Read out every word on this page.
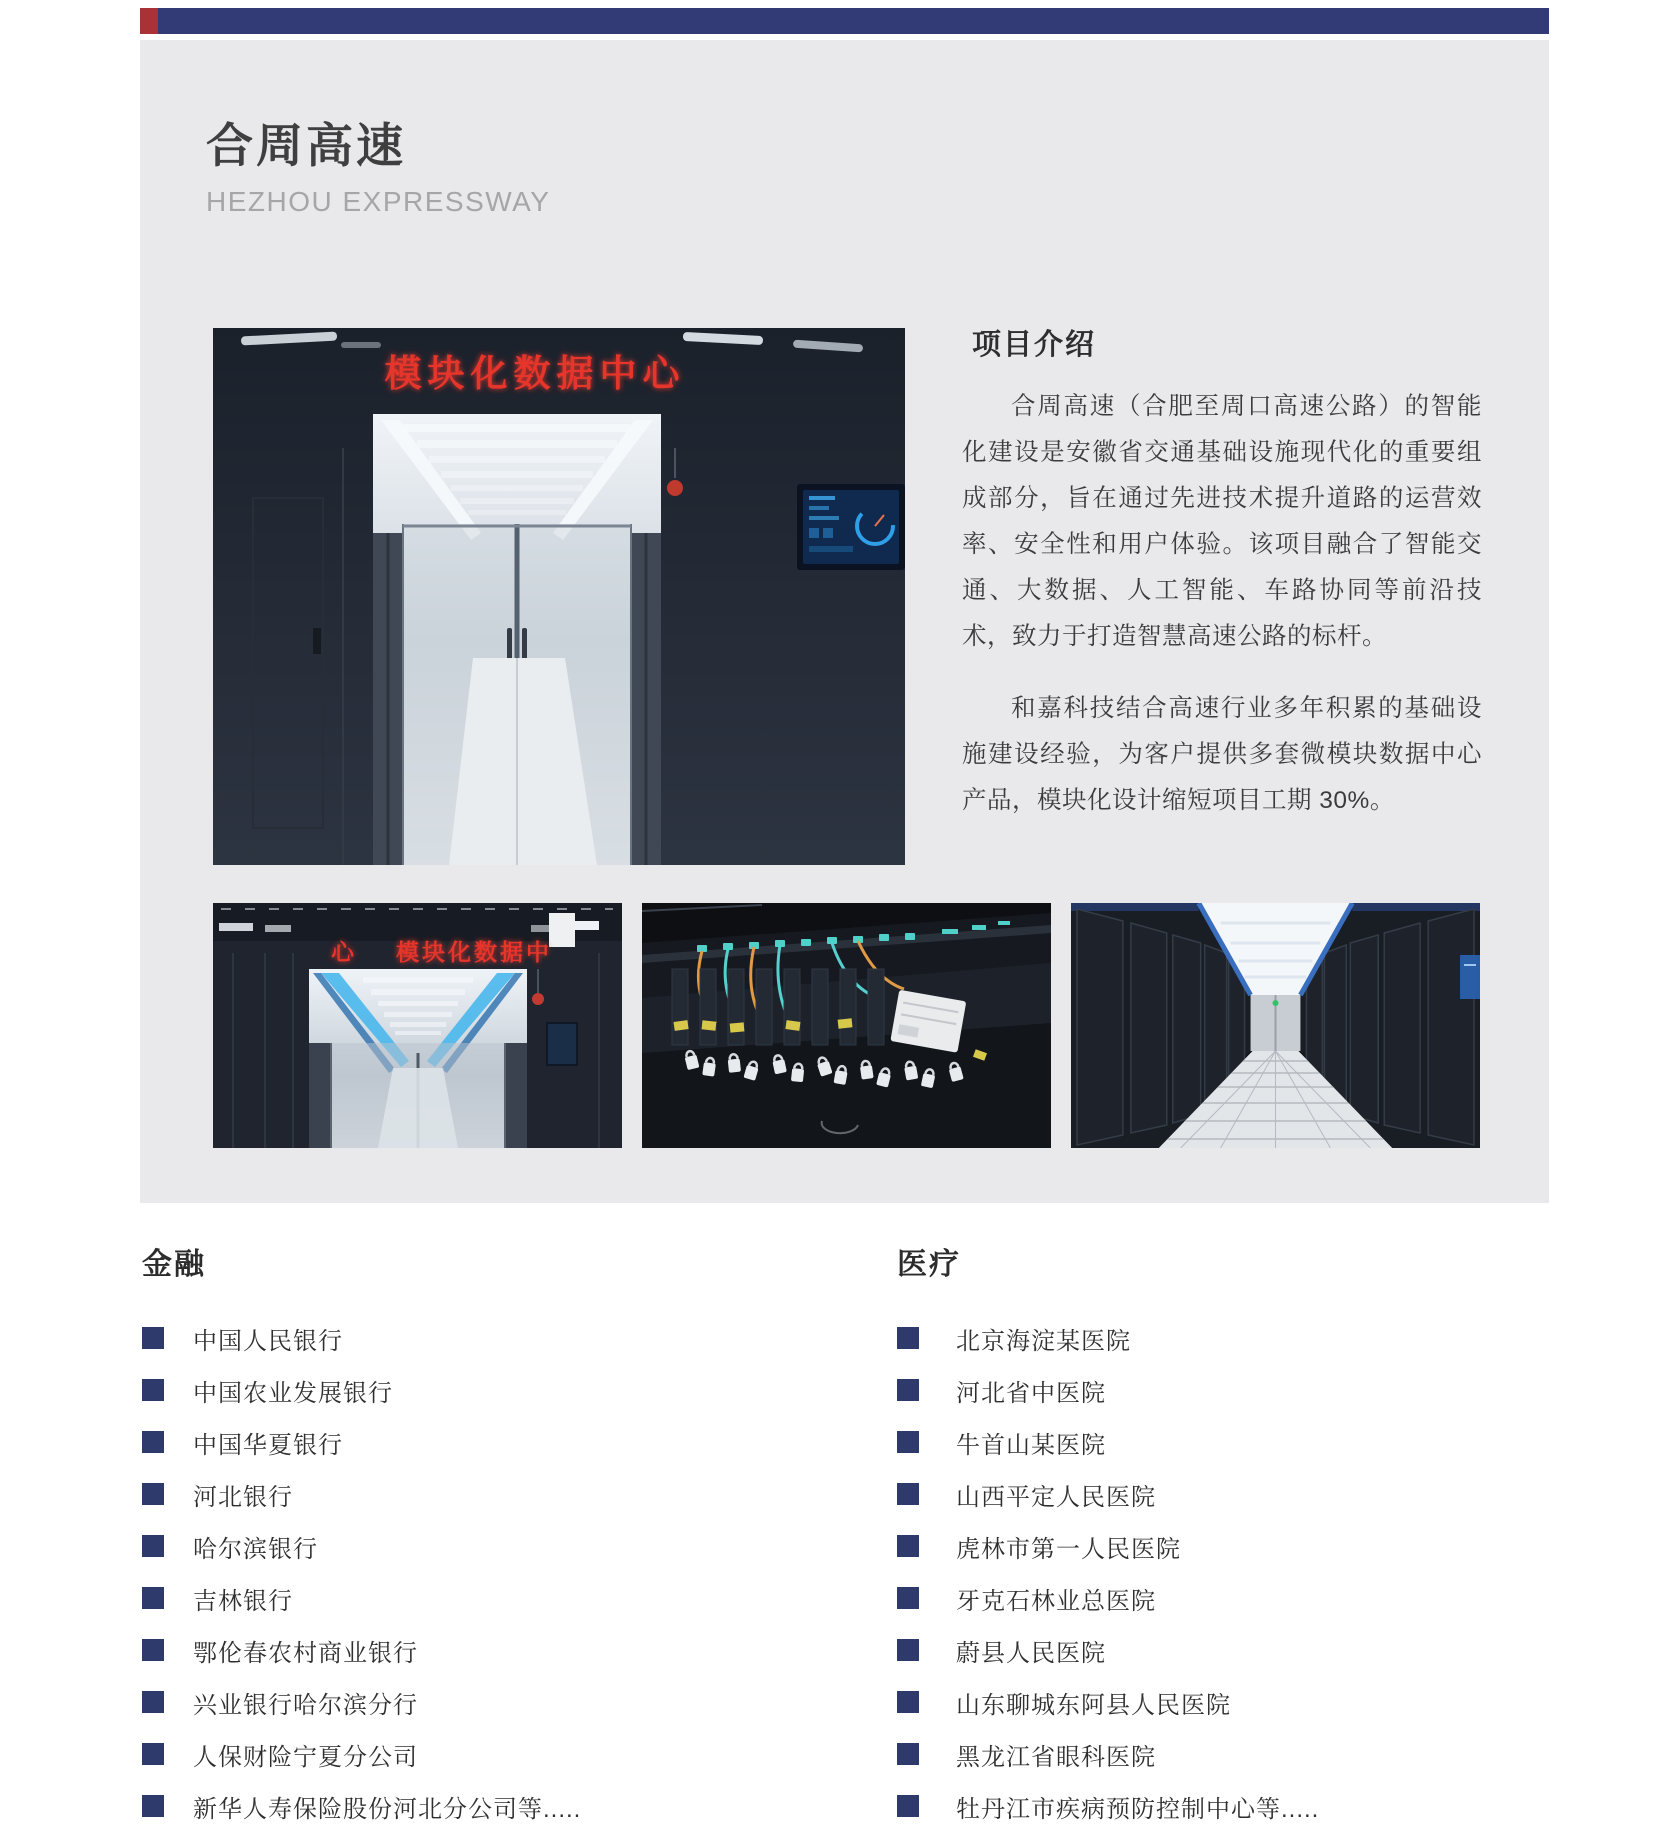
合周高速
HEZHOU EXPRESSWAY
模块化数据中心
项目介绍

合周高速（合肥至周口高速公路）的智能化建设是安徽省交通基础设施现代化的重要组成部分，旨在通过先进技术提升道路的运营效率、安全性和用户体验。该项目融合了智能交通、大数据、人工智能、车路协同等前沿技术，致力于打造智慧高速公路的标杆。

和嘉科技结合高速行业多年积累的基础设施建设经验，为客户提供多套微模块数据中心产品，模块化设计缩短项目工期 30%。

心 模块化数据中
金融
中国人民银行
中国农业发展银行
中国华夏银行
河北银行
哈尔滨银行
吉林银行
鄂伦春农村商业银行
兴业银行哈尔滨分行
人保财险宁夏分公司
新华人寿保险股份河北分公司等.....
医疗
北京海淀某医院
河北省中医院
牛首山某医院
山西平定人民医院
虎林市第一人民医院
牙克石林业总医院
蔚县人民医院
山东聊城东阿县人民医院
黑龙江省眼科医院
牡丹江市疾病预防控制中心等.....
